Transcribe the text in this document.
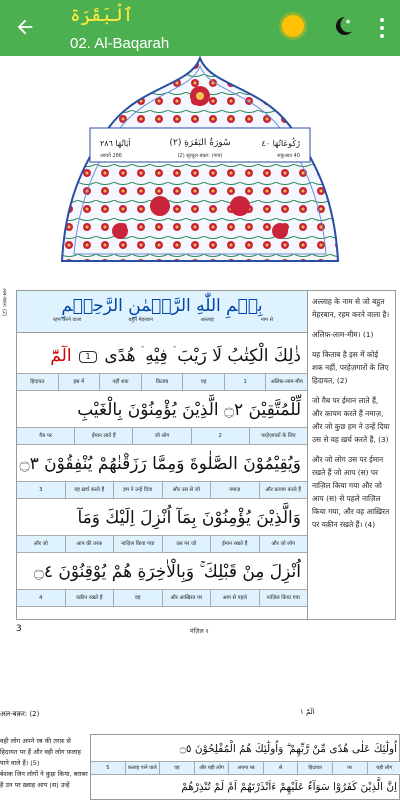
ٱلْبَقَرَة
02. Al-Baqarah
رُكُوعَاتُهَا ٤٠
(٢) سُورَةُ البَقَرَةِ
آيَاتُهَا ٢٨٦
रुकूआत 40
(2) सूरतुल बक़र: (गाय)
आयतें 286
अल-बक़र: (2)	بِسۡمِ اللّٰهِ الرَّحۡمٰنِ الرَّحِیۡمِ
रहम करने वाला	बहुत मेहरबान	अल्लाह	नाम से
ذٰلِكَ الْكِتٰبُ لَا رَيْبَ ۛ فِيْهِ ۛ هُدًى 1 الٓمّٓ
हिदायत	इस में	नहीं शक	किताब	यह	1	अलिफ़-लाम-मीम
لِّلْمُتَّقِيْنَ ۝٢ الَّذِيْنَ يُؤْمِنُوْنَ بِالْغَيْبِ
ग़ैब पर	ईमान लाते हैं	जो लोग	2	परहेज़गारों के लिए
وَيُقِيْمُوْنَ الصَّلٰوةَ وَمِمَّا رَزَقْنٰهُمْ يُنْفِقُوْنَ ۝٣
3	वह ख़र्च करते हैं	हम ने उन्हें दिया	और उस से जो	नमाज़	और क़ायम करते हैं
وَالَّذِيْنَ يُؤْمِنُوْنَ بِمَآ اُنْزِلَ اِلَيْكَ وَمَآ
और जो	आप की तरफ़	नाज़िल किया गया	उस पर जो	ईमान रखते हैं	और जो लोग
اُنْزِلَ مِنْ قَبْلِكَ ۚ وَبِالْاٰخِرَةِ هُمْ يُوْقِنُوْنَ ۝٤
4	यक़ीन रखते हैं	वह	और आख़िरत पर	आप से पहले	नाज़िल किया गया

अल्लाह के नाम से जो बहुत मेहरबान, रहम करने वाला है।

अलिफ़-लाम-मीम। (1)

यह किताब है इस में कोई शक नहीं, परहेज़गारों के लिए हिदायत, (2)

जो ग़ैब पर ईमान लाते हैं, और क़ायम करते हैं नमाज़, और जो कुछ हम ने उन्हें दिया उस से वह ख़र्च करते हैं, (3)

और जो लोग उस पर ईमान रखते हैं जो आप (स) पर नाज़िल किया गया और जो आप (स) से पहले नाज़िल किया गया, और वह आख़िरत पर यक़ीन रखते हैं। (4)

3	मंज़िल १
अल-बक़र: (2)	الٓمّٓ ١

वही लोग अपने रब की तरफ़ से हिदायत पर हैं और वही लोग फ़लाह पाने वाले हैं। (5)

बेशक जिन लोगों ने कुफ़्र किया, बराबर है उन पर ख़्वाह आप (स) उन्हें

اُولٰٓئِكَ عَلٰى هُدًى مِّنْ رَّبِّهِمْ ۗ وَاُولٰٓئِكَ هُمُ الْمُفْلِحُوْنَ ۝٥
5	फ़लाह पाने वाले	वह	और यही लोग	अपना रब	से	हिदायत	पर	यही लोग
اِنَّ الَّذِيْنَ كَفَرُوْا سَوَآءٌ عَلَيْهِمْ ءَاَنْذَرْتَهُمْ اَمْ لَمْ تُنْذِرْهُمْ
